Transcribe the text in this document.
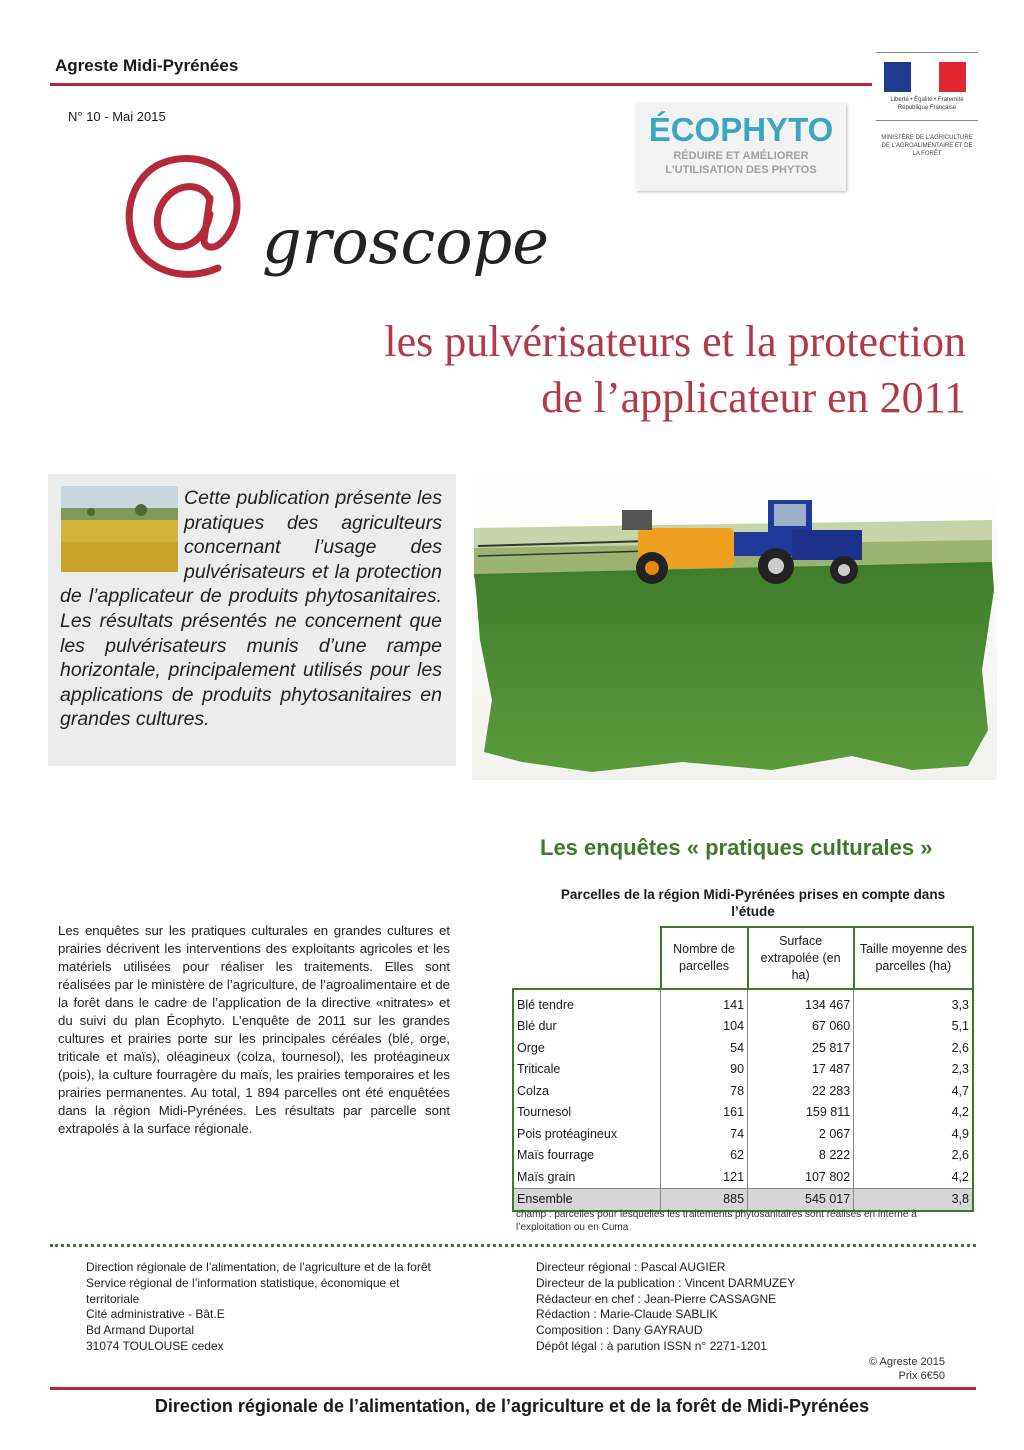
Agreste Midi-Pyrénées
N° 10 - Mai 2015
Liberté • Égalité • Fraternité
République Française
MINISTÈRE DE L'AGRICULTURE DE L'AGROALIMENTAIRE ET DE LA FORÊT
ÉCOPHYTO
RÉDUIRE ET AMÉLIORER
L'UTILISATION DES PHYTOS
groscope
les pulvérisateurs et la protection
de l’applicateur en 2011
Cette publication présente les pratiques des agriculteurs concernant l’usage des pulvérisateurs et la protection de l’applicateur de produits phytosanitaires. Les résultats présentés ne concernent que les pulvérisateurs munis d’une rampe horizontale, principalement utilisés pour les applications de produits phytosanitaires en grandes cultures.
Les enquêtes « pratiques culturales »
Les enquêtes sur les pratiques culturales en grandes cultures et prairies décrivent les interventions des exploitants agricoles et les matériels utilisées pour réaliser les traitements. Elles sont réalisées par le ministère de l’agriculture, de l’agroalimentaire et de la forêt dans le cadre de l’application de la directive «nitrates» et du suivi du plan Écophyto. L’enquête de 2011 sur les grandes cultures et prairies porte sur les principales céréales (blé, orge, triticale et maïs), oléagineux (colza, tournesol), les protéagineux (pois), la culture fourragère du maïs, les prairies temporaires et les prairies permanentes. Au total, 1 894 parcelles ont été enquêtées dans la région Midi-Pyrénées. Les résultats par parcelle sont extrapolés à la surface régionale.
Parcelles de la région Midi-Pyrénées prises en compte dans l’étude
	Nombre de parcelles	Surface extrapolée (en ha)	Taille moyenne des parcelles (ha)
Blé tendre	141	134 467	3,3
Blé dur	104	67 060	5,1
Orge	54	25 817	2,6
Triticale	90	17 487	2,3
Colza	78	22 283	4,7
Tournesol	161	159 811	4,2
Pois protéagineux	74	2 067	4,9
Maïs fourrage	62	8 222	2,6
Maïs grain	121	107 802	4,2
Ensemble	885	545 017	3,8
champ : parcelles pour lesquelles les traitements phytosanitaires sont réalisés en interne à l’exploitation ou en Cuma
Direction régionale de l’alimentation, de l’agriculture et de la forêt
Service régional de l’information statistique, économique et
territoriale
Cité administrative - Bât.E
Bd Armand Duportal
31074 TOULOUSE cedex
Directeur régional : Pascal AUGIER
Directeur de la publication : Vincent DARMUZEY
Rédacteur en chef : Jean-Pierre CASSAGNE
Rédaction : Marie-Claude SABLIK
Composition : Dany GAYRAUD
Dépôt légal : à parution ISSN n° 2271-1201
© Agreste 2015
Prix 6€50
Direction régionale de l’alimentation, de l’agriculture et de la forêt de Midi-Pyrénées
